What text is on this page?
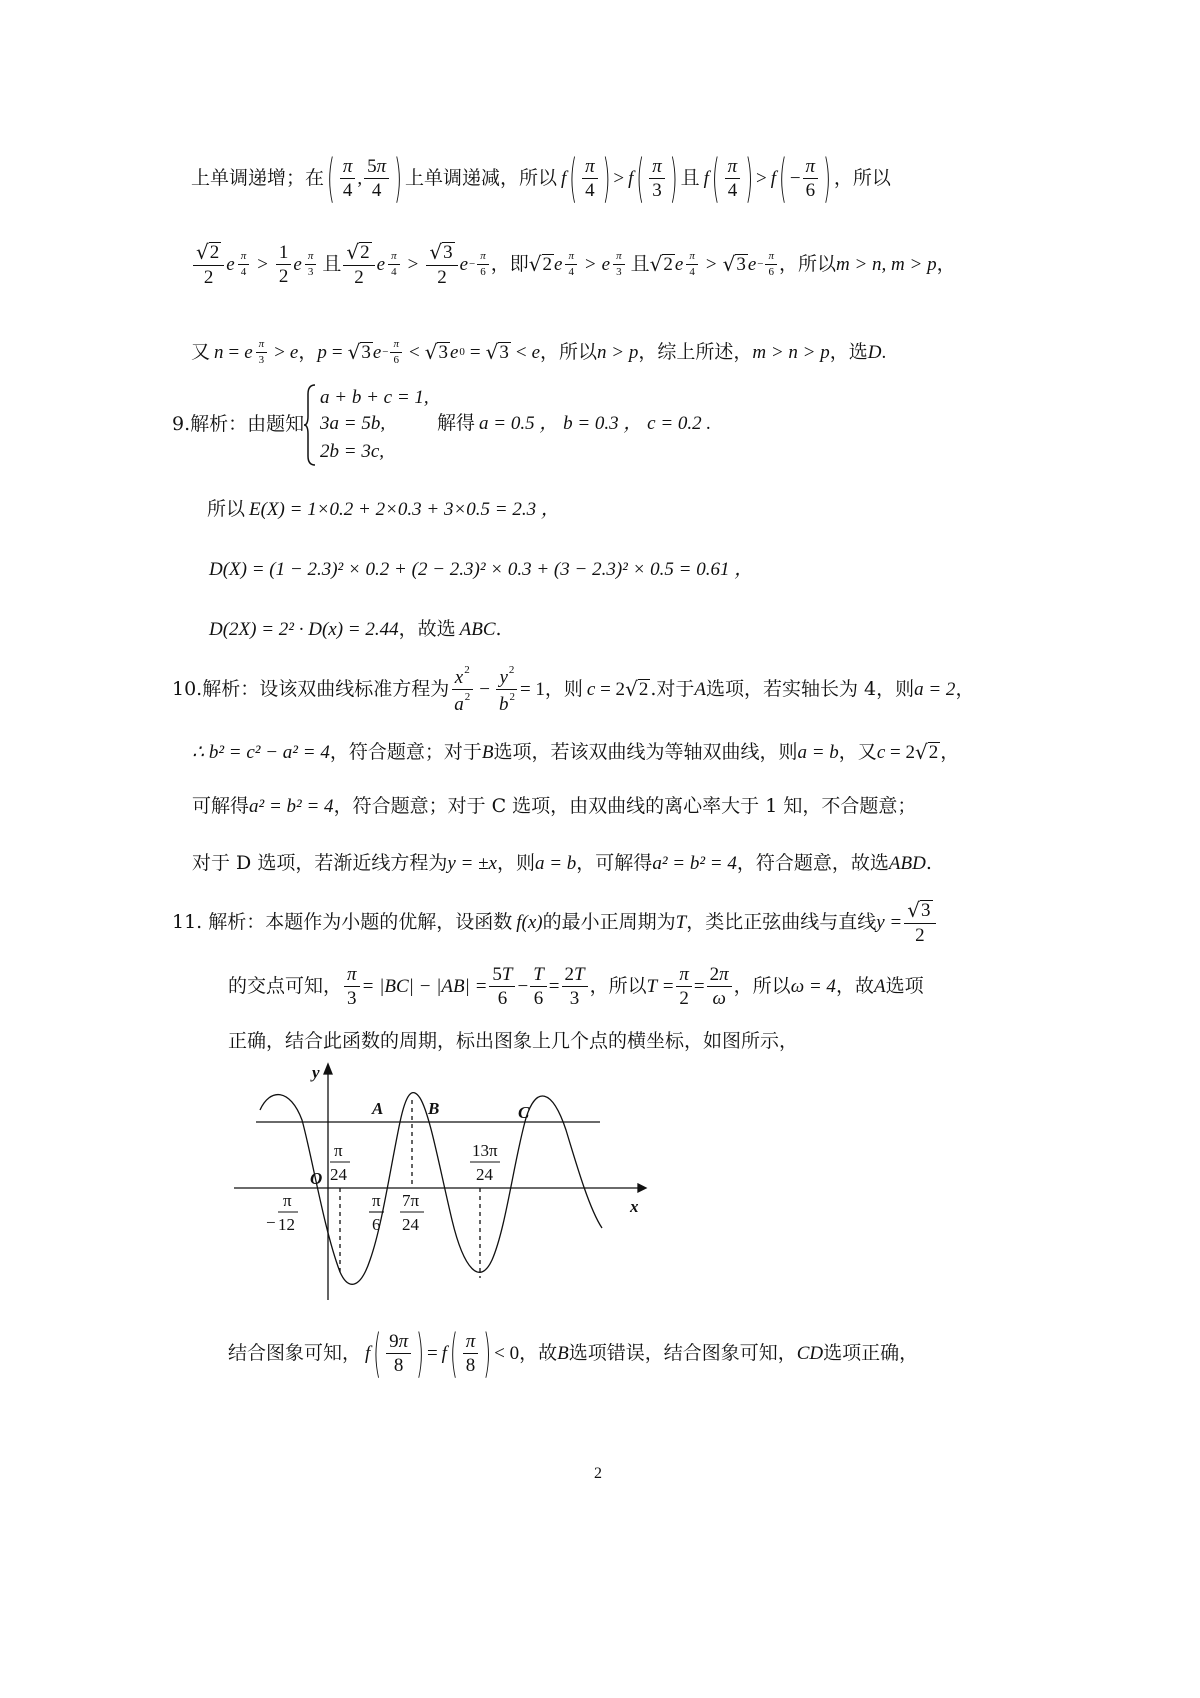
上单调递增；在 ( π
4
,
5π
4 ) 上单调递减，所以 f ( π
4 ) > f ( π
3 ) 且 f ( π
4 ) > f ( − $\frac{\pi}{6}$ ) ，所以
√ 2
2
e $\frac{\pi}{4}$ >
1
2
e $\frac{\pi}{3}$ 且
√ 2
2
e $\frac{\pi}{4}$ >
√ 3
2
$e - \frac{\pi}{6}$ ，即 √ 2 e $\frac{\pi}{4} > e \frac{\pi}{3}$ 且 √ 2 e $\frac{\pi}{4}$ > √ 3 $e - \frac{\pi}{6}$ ，所以 m > n, m > p ，
又 n = e $\frac{\pi}{3} > e$ ， p = √ 3 $e - \frac{\pi}{6}$ < √ 3 e 0 = √ 3 < e ，所以 n > p ，综上所述， m > n > p ，选 D .
9.解析：由题知
a + b + c = 1,
3a = 5b,
2b = 3c,
解得 a = 0.5 ， b = 0.3 ， c = 0.2 .
所以 E(X) = 1×0.2 + 2×0.3 + 3×0.5 = 2.3 ，
D(X) = (1 − 2.3)² × 0.2 + (2 − 2.3)² × 0.3 + (3 − 2.3)² × 0.5 = 0.61 ，
D(2X) = 2² · D(x) = 2.44 ，故选 ABC .
10.解析：设该双曲线标准方程为
$x^2$
$a^2 - \frac{y^2}{b^2} = 1$，则 c = 2 √ 2 .对于 A 选项，若实轴长为 4，则 a = 2 ，
∴ b² = c² − a² = 4 ，符合题意；对于 B 选项，若该双曲线为等轴双曲线，则 a = b ，又 c = 2 √ 2 ，
可解得 a² = b² = 4 ，符合题意；对于 C 选项，由双曲线的离心率大于 1 知，不合题意；
对于 D 选项，若渐近线方程为 y = ±x ，则 a = b ，可解得 a² = b² = 4 ，符合题意，故选 ABD .
11. 解析：本题作为小题的优解，设函数 f(x) 的最小正周期为 T ，类比正弦曲线与直线 $y = \frac{√ 3}{2}$
的交点可知， $\frac{\pi}{3} = |BC| - |AB| = \frac{5T}{6} - \frac{T}{6} = \frac{2T}{3}$ ，所以 $T = \frac{\pi}{2} = \frac{2\pi}{\omega}$ ，所以 ω = 4 ，故 A 选项
正确，结合此函数的周期，标出图象上几个点的横坐标，如图所示，
y
x
O
A	B	C
−
π
12
π
24
π
6
7π
24
13π
24
结合图象可知， f ( 9π
8 ) = f ( π
8 ) < 0，故 B 选项错误，结合图象可知， CD 选项正确，
2
